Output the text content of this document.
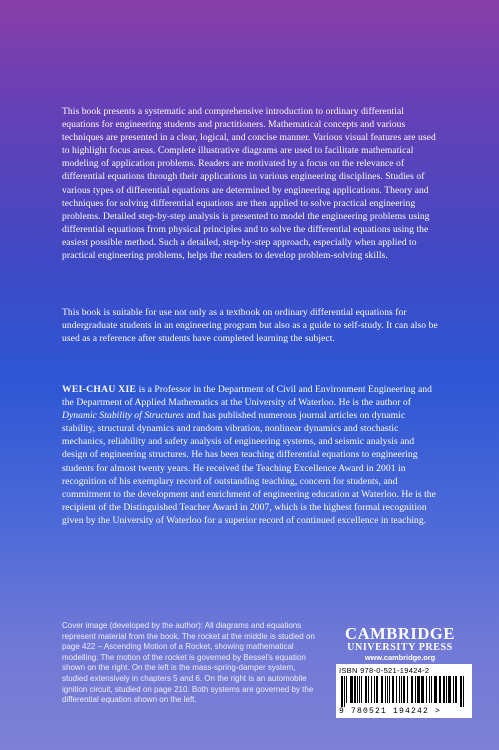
This book presents a systematic and comprehensive introduction to ordinary differential equations for engineering students and practitioners. Mathematical concepts and various techniques are presented in a clear, logical, and concise manner. Various visual features are used to highlight focus areas. Complete illustrative diagrams are used to facilitate mathematical modeling of application problems. Readers are motivated by a focus on the relevance of differential equations through their applications in various engineering disciplines. Studies of various types of differential equations are determined by engineering applications. Theory and techniques for solving differential equations are then applied to solve practical engineering problems. Detailed step-by-step analysis is presented to model the engineering problems using differential equations from physical principles and to solve the differential equations using the easiest possible method. Such a detailed, step-by-step approach, especially when applied to practical engineering problems, helps the readers to develop problem-solving skills.

This book is suitable for use not only as a textbook on ordinary differential equations for undergraduate students in an engineering program but also as a guide to self-study. It can also be used as a reference after students have completed learning the subject.

WEI-CHAU XIE is a Professor in the Department of Civil and Environment Engineering and the Department of Applied Mathematics at the University of Waterloo. He is the author of Dynamic Stability of Structures and has published numerous journal articles on dynamic stability, structural dynamics and random vibration, nonlinear dynamics and stochastic mechanics, reliability and safety analysis of engineering systems, and seismic analysis and design of engineering structures. He has been teaching differential equations to engineering students for almost twenty years. He received the Teaching Excellence Award in 2001 in recognition of his exemplary record of outstanding teaching, concern for students, and commitment to the development and enrichment of engineering education at Waterloo. He is the recipient of the Distinguished Teacher Award in 2007, which is the highest formal recognition given by the University of Waterloo for a superior record of continued excellence in teaching.

Cover image (developed by the author): All diagrams and equations represent material from the book. The rocket at the middle is studied on page 422 – Ascending Motion of a Rocket, showing mathematical modelling. The motion of the rocket is governed by Bessel’s equation shown on the right. On the left is the mass-spring-damper system, studied extensively in chapters 5 and 6. On the right is an automobile ignition circuit, studied on page 210. Both systems are governed by the differential equation shown on the left.
CAMBRIDGE
UNIVERSITY PRESS
www.cambridge.org
ISBN 978-0-521-19424-2
9 780521 194242 >
